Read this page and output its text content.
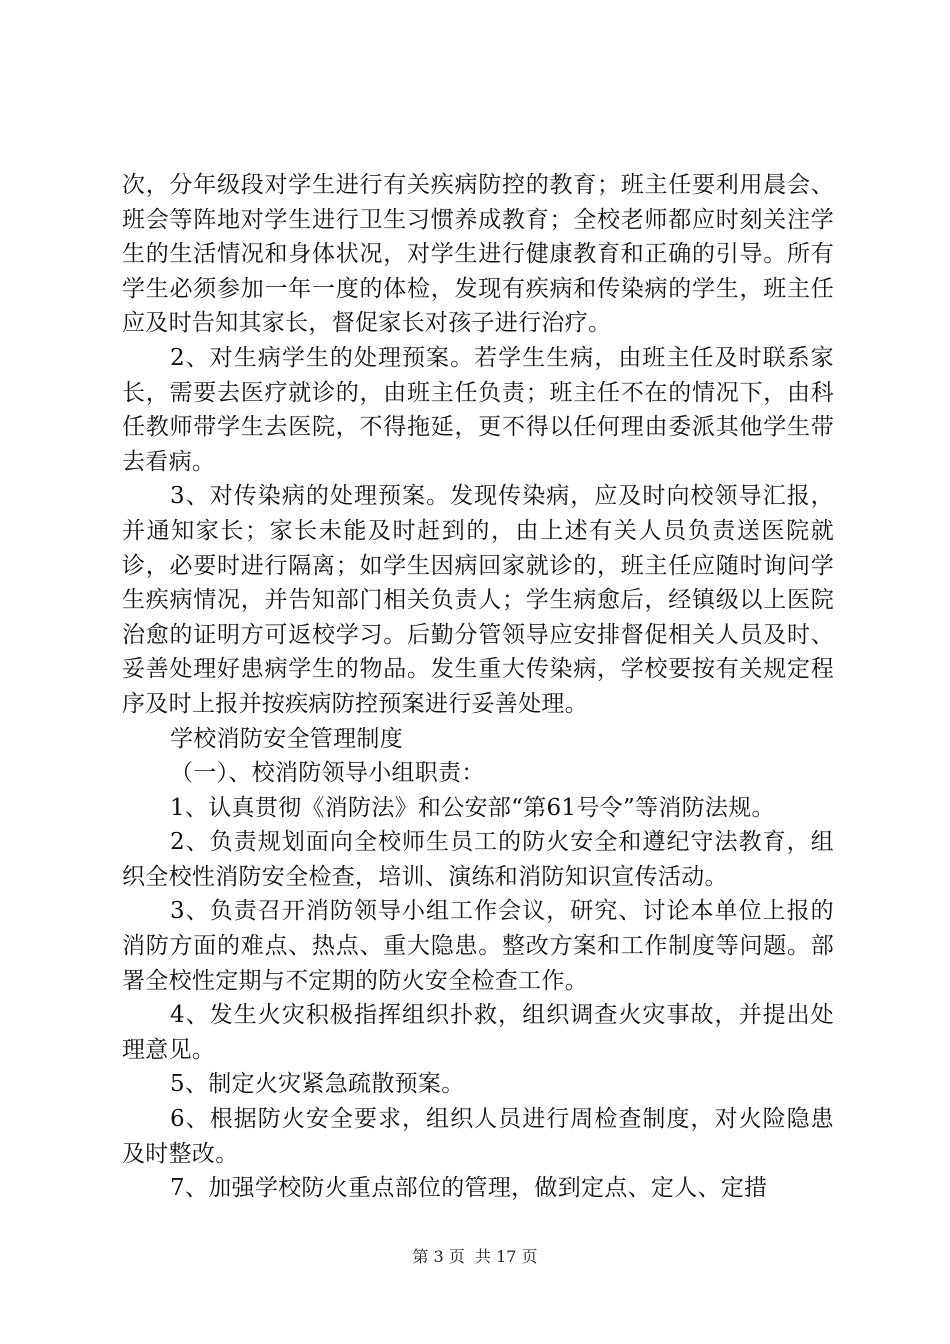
次，分年级段对学生进行有关疾病防控的教育；班主任要利用晨会、班会等阵地对学生进行卫生习惯养成教育；全校老师都应时刻关注学生的生活情况和身体状况，对学生进行健康教育和正确的引导。所有学生必须参加一年一度的体检，发现有疾病和传染病的学生，班主任应及时告知其家长，督促家长对孩子进行治疗。

2、对生病学生的处理预案。若学生生病，由班主任及时联系家长，需要去医疗就诊的，由班主任负责；班主任不在的情况下，由科任教师带学生去医院，不得拖延，更不得以任何理由委派其他学生带去看病。

3、对传染病的处理预案。发现传染病，应及时向校领导汇报，并通知家长；家长未能及时赶到的，由上述有关人员负责送医院就诊，必要时进行隔离；如学生因病回家就诊的，班主任应随时询问学生疾病情况，并告知部门相关负责人；学生病愈后，经镇级以上医院治愈的证明方可返校学习。后勤分管领导应安排督促相关人员及时、妥善处理好患病学生的物品。发生重大传染病，学校要按有关规定程序及时上报并按疾病防控预案进行妥善处理。

学校消防安全管理制度

（一）、校消防领导小组职责：

1、认真贯彻《消防法》和公安部“第61号令”等消防法规。

2、负责规划面向全校师生员工的防火安全和遵纪守法教育，组织全校性消防安全检查，培训、演练和消防知识宣传活动。

3、负责召开消防领导小组工作会议，研究、讨论本单位上报的消防方面的难点、热点、重大隐患。整改方案和工作制度等问题。部署全校性定期与不定期的防火安全检查工作。

4、发生火灾积极指挥组织扑救，组织调查火灾事故，并提出处理意见。

5、制定火灾紧急疏散预案。

6、根据防火安全要求，组织人员进行周检查制度，对火险隐患及时整改。

7、加强学校防火重点部位的管理，做到定点、定人、定措

第 3 页  共 17 页
